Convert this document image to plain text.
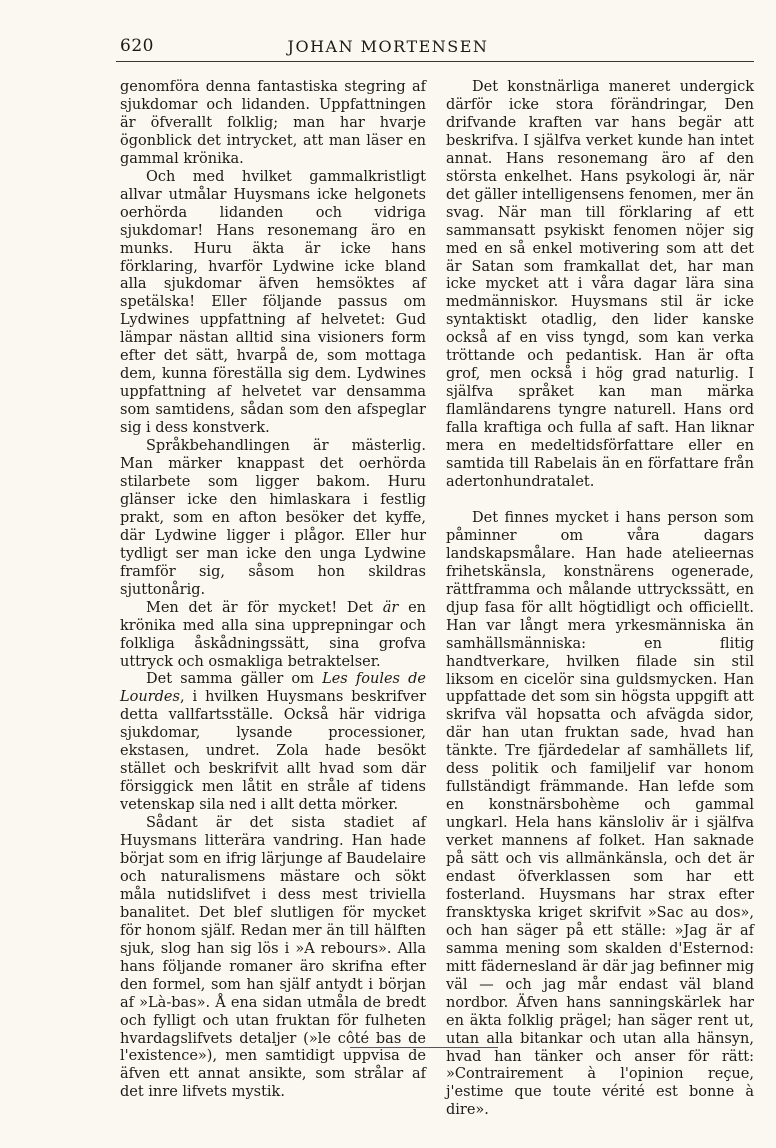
620	JOHAN MORTENSEN

genomföra denna fantastiska stegring af sjukdomar och lidanden. Uppfattningen är öfverallt folklig; man har hvarje ögonblick det intrycket, att man läser en gammal krönika.

Och med hvilket gammalkristligt allvar utmålar Huysmans icke helgonets oerhörda lidanden och vidriga sjukdomar! Hans resonemang äro en munks. Huru äkta är icke hans förklaring, hvarför Lydwine icke bland alla sjukdomar äfven hemsöktes af spetälska! Eller följande passus om Lydwines uppfattning af helvetet: Gud lämpar nästan alltid sina visioners form efter det sätt, hvarpå de, som mottaga dem, kunna föreställa sig dem. Lydwines uppfattning af helvetet var densamma som samtidens, sådan som den afspeglar sig i dess konstverk.

Språkbehandlingen är mästerlig. Man märker knappast det oerhörda stilarbete som ligger bakom. Huru glänser icke den himlaskara i festlig prakt, som en afton besöker det kyffe, där Lydwine ligger i plågor. Eller hur tydligt ser man icke den unga Lydwine framför sig, såsom hon skildras sjuttonårig.

Men det är för mycket! Det är en krönika med alla sina upprepningar och folkliga åskådningssätt, sina grofva uttryck och osmakliga betraktelser.

Det samma gäller om Les foules de Lourdes, i hvilken Huysmans beskrifver detta vallfartsställe. Också här vidriga sjukdomar, lysande processioner, ekstasen, undret. Zola hade besökt stället och beskrifvit allt hvad som där försiggick men låtit en stråle af tidens vetenskap sila ned i allt detta mörker.

Sådant är det sista stadiet af Huysmans litterära vandring. Han hade börjat som en ifrig lärjunge af Baudelaire och naturalismens mästare och sökt måla nutidslifvet i dess mest triviella banalitet. Det blef slutligen för mycket för honom själf. Redan mer än till hälften sjuk, slog han sig lös i »A rebours». Alla hans följande romaner äro skrifna efter den formel, som han själf antydt i början af »Là-bas». Å ena sidan utmåla de bredt och fylligt och utan fruktan för fulheten hvardagslifvets detaljer (»le côté bas de l'existence»), men samtidigt uppvisa de äfven ett annat ansikte, som strålar af det inre lifvets mystik.

Det konstnärliga maneret undergick därför icke stora förändringar, Den drifvande kraften var hans begär att beskrifva. I själfva verket kunde han intet annat. Hans resonemang äro af den största enkelhet. Hans psykologi är, när det gäller intelligensens fenomen, mer än svag. När man till förklaring af ett sammansatt psykiskt fenomen nöjer sig med en så enkel motivering som att det är Satan som framkallat det, har man icke mycket att i våra dagar lära sina medmänniskor. Huysmans stil är icke syntaktiskt otadlig, den lider kanske också af en viss tyngd, som kan verka tröttande och pedantisk. Han är ofta grof, men också i hög grad naturlig. I själfva språket kan man märka flamländarens tyngre naturell. Hans ord falla kraftiga och fulla af saft. Han liknar mera en medeltidsförfattare eller en samtida till Rabelais än en författare från adertonhundratalet.

Det finnes mycket i hans person som påminner om våra dagars landskapsmålare. Han hade atelieernas frihetskänsla, konstnärens ogenerade, rättframma och målande uttryckssätt, en djup fasa för allt högtidligt och officiellt. Han var långt mera yrkesmänniska än samhällsmänniska: en flitig handtverkare, hvilken filade sin stil liksom en cicelör sina guldsmycken. Han uppfattade det som sin högsta uppgift att skrifva väl hopsatta och afvägda sidor, där han utan fruktan sade, hvad han tänkte. Tre fjärdedelar af samhällets lif, dess politik och familjelif var honom fullständigt främmande. Han lefde som en konstnärsbohème och gammal ungkarl. Hela hans känsloliv är i själfva verket mannens af folket. Han saknade på sätt och vis allmänkänsla, och det är endast öfverklassen som har ett fosterland. Huysmans har strax efter fransktyska kriget skrifvit »Sac au dos», och han säger på ett ställe: »Jag är af samma mening som skalden d'Esternod: mitt fädernesland är där jag befinner mig väl — och jag mår endast väl bland nordbor. Äfven hans sanningskärlek har en äkta folklig prägel; han säger rent ut, utan alla bitankar och utan alla hänsyn, hvad han tänker och anser för rätt: »Contrairement à l'opinion reçue, j'estime que toute vérité est bonne à dire».
